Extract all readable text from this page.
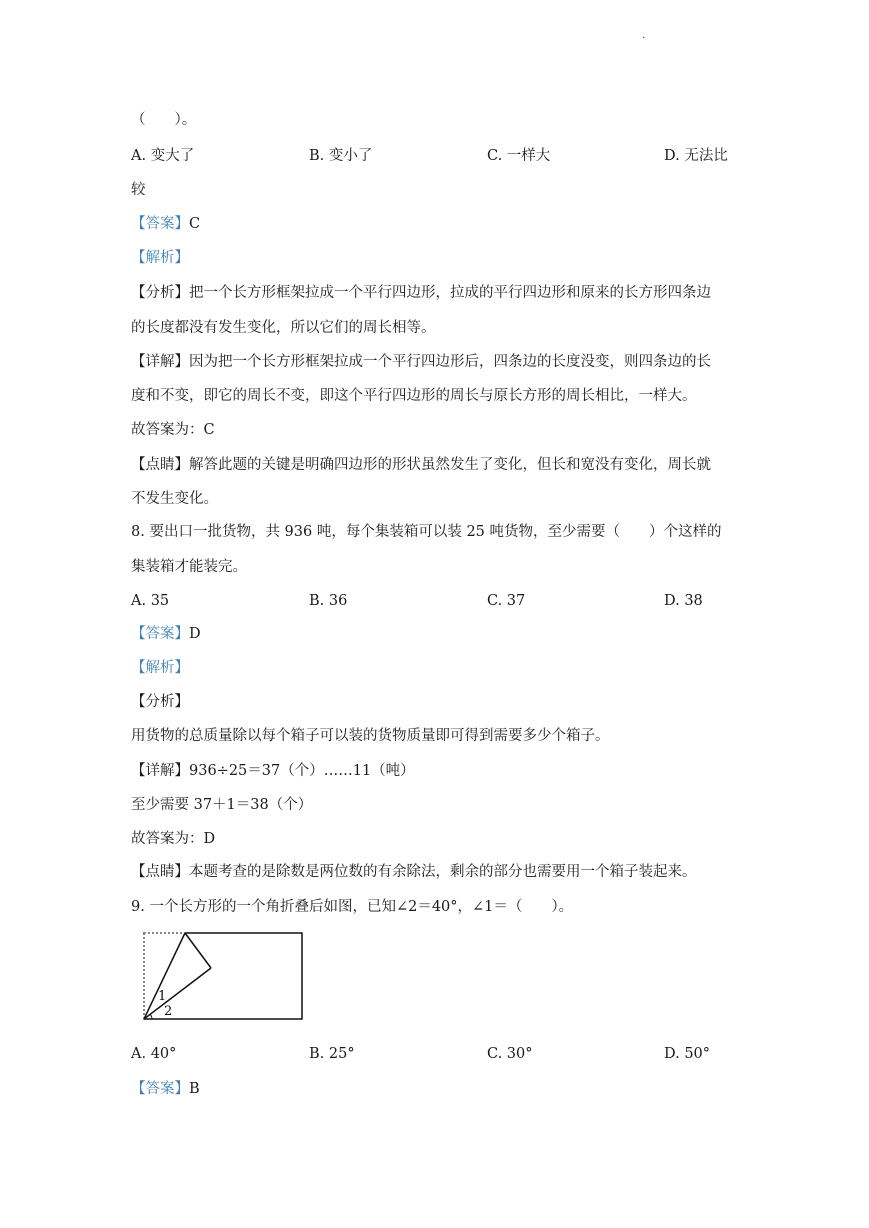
.
（　　）。
A. 变大了	B. 变小了	C. 一样大	D. 无法比
较
【答案】C
【解析】
【分析】把一个长方形框架拉成一个平行四边形，拉成的平行四边形和原来的长方形四条边
的长度都没有发生变化，所以它们的周长相等。
【详解】因为把一个长方形框架拉成一个平行四边形后，四条边的长度没变，则四条边的长
度和不变，即它的周长不变，即这个平行四边形的周长与原长方形的周长相比，一样大。
故答案为：C
【点睛】解答此题的关键是明确四边形的形状虽然发生了变化，但长和宽没有变化，周长就
不发生变化。
8. 要出口一批货物，共 936 吨，每个集装箱可以装 25 吨货物，至少需要（　　）个这样的
集装箱才能装完。
A. 35	B. 36	C. 37	D. 38
【答案】D
【解析】
【分析】
用货物的总质量除以每个箱子可以装的货物质量即可得到需要多少个箱子。
【详解】936÷25＝37（个）……11（吨）
至少需要 37＋1＝38（个）
故答案为：D
【点睛】本题考查的是除数是两位数的有余除法，剩余的部分也需要用一个箱子装起来。
9. 一个长方形的一个角折叠后如图，已知∠2＝40°，∠1＝（　　）。
1
2
A. 40°	B. 25°	C. 30°	D. 50°
【答案】B
